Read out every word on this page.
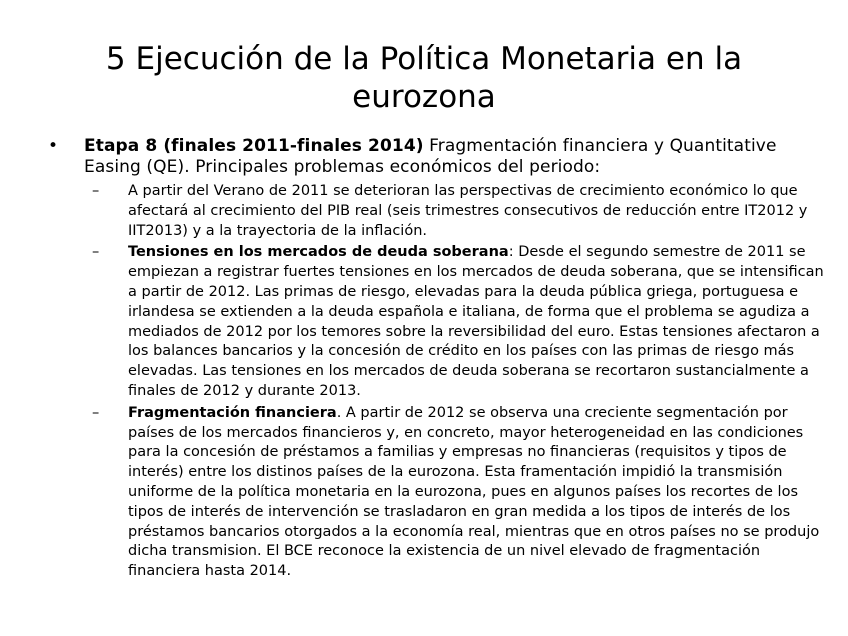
5 Ejecución de la Política Monetaria en la eurozona
•	Etapa 8 (finales 2011-finales 2014) Fragmentación financiera y Quantitative Easing (QE). Principales problemas económicos del periodo:
–	A partir del Verano de 2011 se deterioran las perspectivas de crecimiento económico lo que afectará al crecimiento del PIB real (seis trimestres consecutivos de reducción entre IT2012 y IIT2013) y a la trayectoria de la inflación.
–	Tensiones en los mercados de deuda soberana: Desde el segundo semestre de 2011 se empiezan a registrar fuertes tensiones en los mercados de deuda soberana, que se intensifican a partir de 2012. Las primas de riesgo, elevadas para la deuda pública griega, portuguesa e irlandesa se extienden a la deuda española e italiana, de forma que el problema se agudiza a mediados de 2012 por los temores sobre la reversibilidad del euro. Estas tensiones afectaron a los balances bancarios y la concesión de crédito en los países con las primas de riesgo más elevadas. Las tensiones en los mercados de deuda soberana se recortaron sustancialmente a finales de 2012 y durante 2013.
–	Fragmentación financiera. A partir de 2012 se observa una creciente segmentación por países de los mercados financieros y, en concreto, mayor heterogeneidad en las condiciones para la concesión de préstamos a familias y empresas no financieras (requisitos y tipos de interés) entre los distinos países de la eurozona. Esta framentación impidió la transmisión uniforme de la política monetaria en la eurozona, pues en algunos países los recortes de los tipos de interés de intervención se trasladaron en gran medida a los tipos de interés de los préstamos bancarios otorgados a la economía real, mientras que en otros países no se produjo dicha transmision. El BCE reconoce la existencia de un nivel elevado de fragmentación financiera hasta 2014.
